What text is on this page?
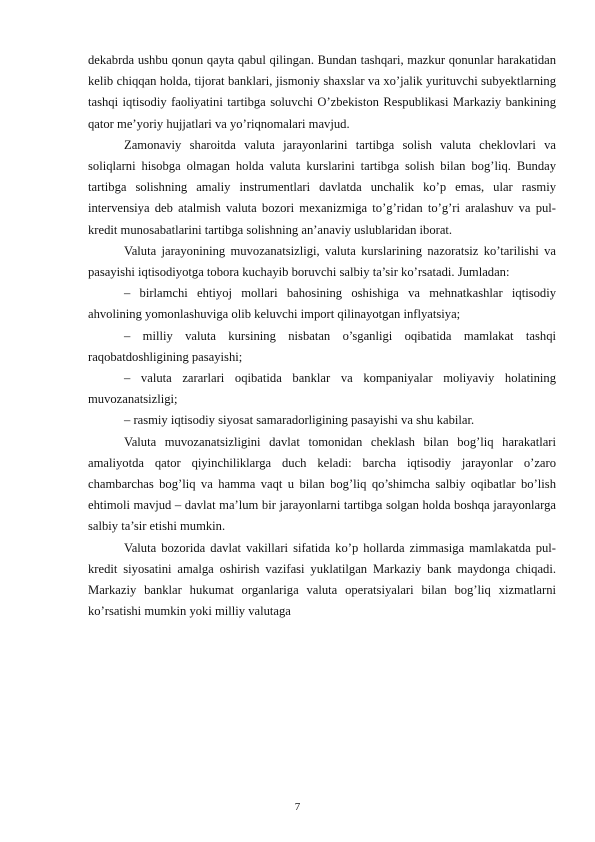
dekabrda ushbu qonun qayta qabul qilingan. Bundan tashqari, mazkur qonunlar harakatidan kelib chiqqan holda, tijorat banklari, jismoniy shaxslar va xo’jalik yurituvchi subyektlarning tashqi iqtisodiy faoliyatini tartibga soluvchi O’zbekiston Respublikasi Markaziy bankining qator me’yoriy hujjatlari va yo’riqnomalari mavjud.

Zamonaviy sharoitda valuta jarayonlarini tartibga solish valuta cheklovlari va soliqlarni hisobga olmagan holda valuta kurslarini tartibga solish bilan bog’liq. Bunday tartibga solishning amaliy instrumentlari davlatda unchalik ko’p emas, ular rasmiy intervensiya deb atalmish valuta bozori mexanizmiga to’g’ridan to’g’ri aralashuv va pul-kredit munosabatlarini tartibga solishning an’anaviy uslublaridan iborat.

Valuta jarayonining muvozanatsizligi, valuta kurslarining nazoratsiz ko’tarilishi va pasayishi iqtisodiyotga tobora kuchayib boruvchi salbiy ta’sir ko’rsatadi. Jumladan:

– birlamchi ehtiyoj mollari bahosining oshishiga va mehnatkashlar iqtisodiy ahvolining yomonlashuviga olib keluvchi import qilinayotgan inflyatsiya;

– milliy valuta kursining nisbatan o’sganligi oqibatida mamlakat tashqi raqobatdoshligining pasayishi;

– valuta zararlari oqibatida banklar va kompaniyalar moliyaviy holatining muvozanatsizligi;

– rasmiy iqtisodiy siyosat samaradorligining pasayishi va shu kabilar.

Valuta muvozanatsizligini davlat tomonidan cheklash bilan bog’liq harakatlari amaliyotda qator qiyinchiliklarga duch keladi: barcha iqtisodiy jarayonlar o’zaro chambarchas bog’liq va hamma vaqt u bilan bog’liq qo’shimcha salbiy oqibatlar bo’lish ehtimoli mavjud – davlat ma’lum bir jarayonlarni tartibga solgan holda boshqa jarayonlarga salbiy ta’sir etishi mumkin.

Valuta bozorida davlat vakillari sifatida ko’p hollarda zimmasiga mamlakatda pul-kredit siyosatini amalga oshirish vazifasi yuklatilgan Markaziy bank maydonga chiqadi. Markaziy banklar hukumat organlariga valuta operatsiyalari bilan bog’liq xizmatlarni ko’rsatishi mumkin yoki milliy valutaga

7
